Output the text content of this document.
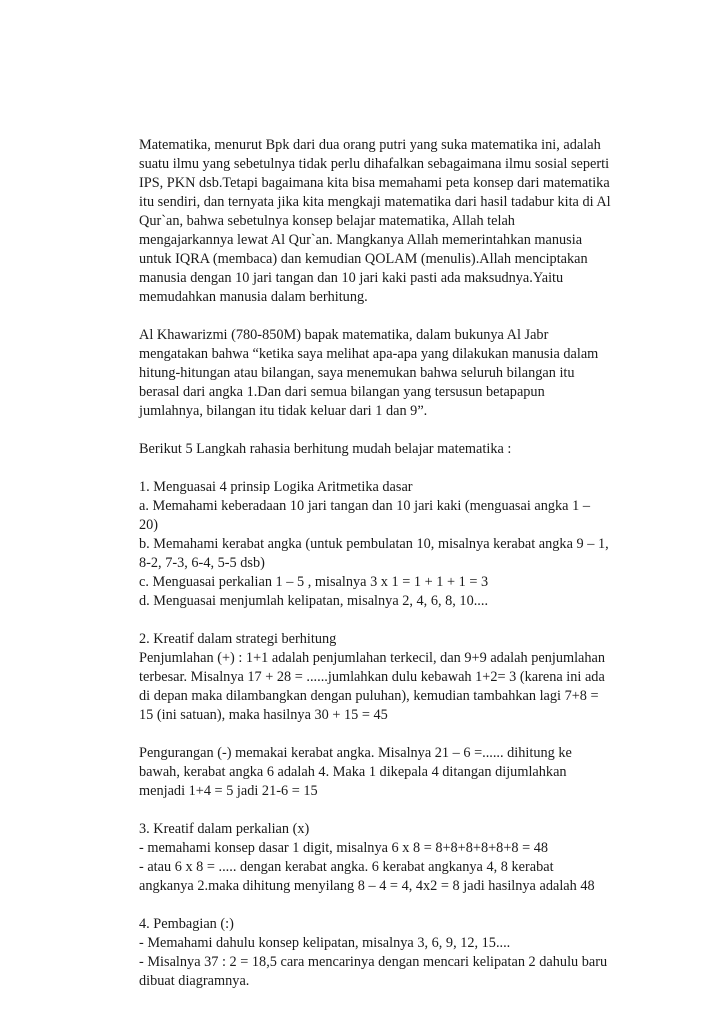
Matematika, menurut Bpk dari dua orang putri yang suka matematika ini, adalah
suatu ilmu yang sebetulnya tidak perlu dihafalkan sebagaimana ilmu sosial seperti
IPS, PKN dsb.Tetapi bagaimana kita bisa memahami peta konsep dari matematika
itu sendiri, dan ternyata jika kita mengkaji matematika dari hasil tadabur kita di Al
Qur`an, bahwa sebetulnya konsep belajar matematika, Allah telah
mengajarkannya lewat Al Qur`an. Mangkanya Allah memerintahkan manusia
untuk IQRA (membaca) dan kemudian QOLAM (menulis).Allah menciptakan
manusia dengan 10 jari tangan dan 10 jari kaki pasti ada maksudnya.Yaitu
memudahkan manusia dalam berhitung.

Al Khawarizmi (780-850M) bapak matematika, dalam bukunya Al Jabr
mengatakan bahwa “ketika saya melihat apa-apa yang dilakukan manusia dalam
hitung-hitungan atau bilangan, saya menemukan bahwa seluruh bilangan itu
berasal dari angka 1.Dan dari semua bilangan yang tersusun betapapun
jumlahnya, bilangan itu tidak keluar dari 1 dan 9”.

Berikut 5 Langkah rahasia berhitung mudah belajar matematika :

1. Menguasai 4 prinsip Logika Aritmetika dasar
a. Memahami keberadaan 10 jari tangan dan 10 jari kaki (menguasai angka 1 –
20)
b. Memahami kerabat angka (untuk pembulatan 10, misalnya kerabat angka 9 – 1,
8-2, 7-3, 6-4, 5-5 dsb)
c. Menguasai perkalian 1 – 5 , misalnya 3 x 1 = 1 + 1 + 1 = 3
d. Menguasai menjumlah kelipatan, misalnya 2, 4, 6, 8, 10....

2. Kreatif dalam strategi berhitung
Penjumlahan (+) : 1+1 adalah penjumlahan terkecil, dan 9+9 adalah penjumlahan
terbesar. Misalnya 17 + 28 = ......jumlahkan dulu kebawah 1+2= 3 (karena ini ada
di depan maka dilambangkan dengan puluhan), kemudian tambahkan lagi 7+8 =
15 (ini satuan), maka hasilnya 30 + 15 = 45

Pengurangan (-) memakai kerabat angka. Misalnya 21 – 6 =...... dihitung ke
bawah, kerabat angka 6 adalah 4. Maka 1 dikepala 4 ditangan dijumlahkan
menjadi 1+4 = 5 jadi 21-6 = 15

3. Kreatif dalam perkalian (x)
- memahami konsep dasar 1 digit, misalnya 6 x 8 = 8+8+8+8+8+8 = 48
- atau 6 x 8 = ..... dengan kerabat angka. 6 kerabat angkanya 4, 8 kerabat
angkanya 2.maka dihitung menyilang 8 – 4 = 4, 4x2 = 8 jadi hasilnya adalah 48

4. Pembagian (:)
- Memahami dahulu konsep kelipatan, misalnya 3, 6, 9, 12, 15....
- Misalnya 37 : 2 = 18,5 cara mencarinya dengan mencari kelipatan 2 dahulu baru
dibuat diagramnya.
